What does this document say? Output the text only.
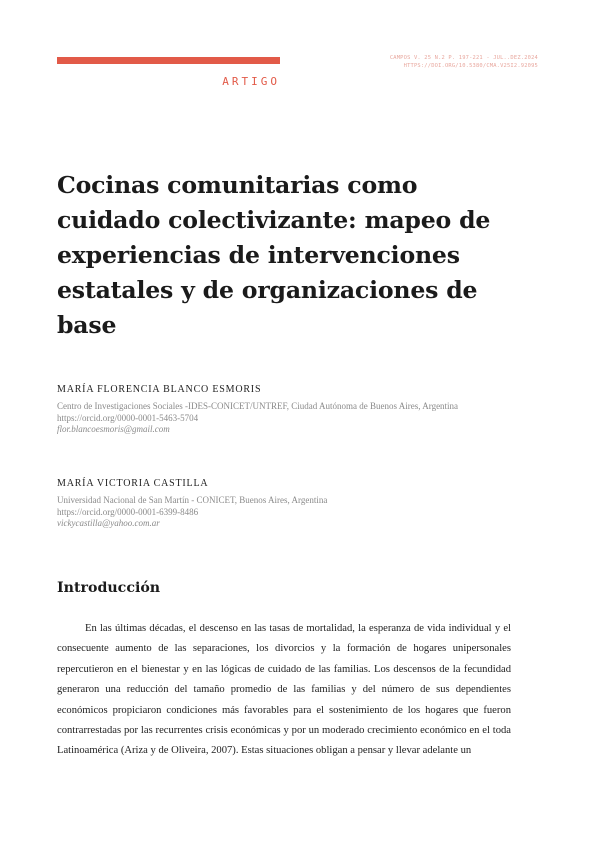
ARTIGO
CAMPOS V. 25 N.2 P. 197-221 - JUL..DEZ.2024
HTTPS://DOI.ORG/10.5380/CMA.V25I2.92095
Cocinas comunitarias como cuidado colectivizante: mapeo de experiencias de intervenciones estatales y de organizaciones de base
MARÍA FLORENCIA BLANCO ESMORIS
Centro de Investigaciones Sociales -IDES-CONICET/UNTREF, Ciudad Autónoma de Buenos Aires, Argentina
https://orcid.org/0000-0001-5463-5704
flor.blancoesmoris@gmail.com
MARÍA VICTORIA CASTILLA
Universidad Nacional de San Martín - CONICET, Buenos Aires, Argentina
https://orcid.org/0000-0001-6399-8486
vickycastilla@yahoo.com.ar
Introducción

En las últimas décadas, el descenso en las tasas de mortalidad, la esperanza de vida individual y el consecuente aumento de las separaciones, los divorcios y la formación de hogares unipersonales repercutieron en el bienestar y en las lógicas de cuidado de las familias. Los descensos de la fecundidad generaron una reducción del tamaño promedio de las familias y del número de sus dependientes económicos propiciaron condiciones más favorables para el sostenimiento de los hogares que fueron contrarrestadas por las recurrentes crisis económicas y por un moderado crecimiento económico en el toda Latinoamérica (Ariza y de Oliveira, 2007). Estas situaciones obligan a pensar y llevar adelante un
